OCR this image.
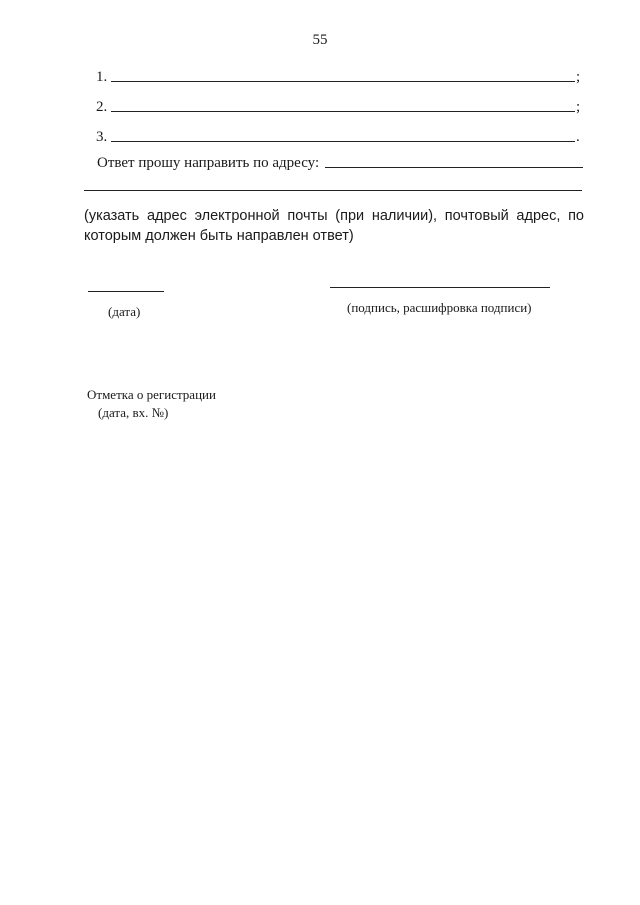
55
1.	;
2.	;
3.	.
Ответ прошу направить по адресу:
(указать адрес электронной почты (при наличии), почтовый адрес, по которым должен быть направлен ответ)
(дата)	(подпись, расшифровка подписи)
Отметка о регистрации
(дата, вх. №)
